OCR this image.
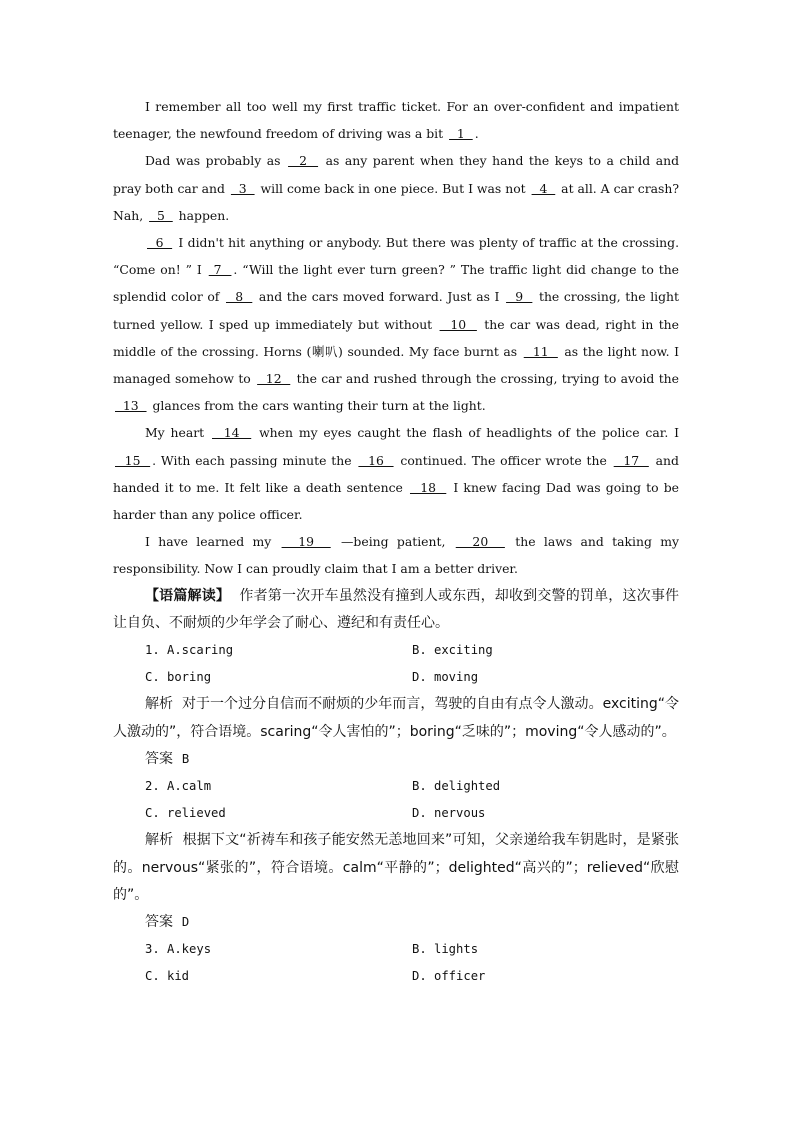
I remember all too well my first traffic ticket. For an over-confident and impatient teenager, the newfound freedom of driving was a bit   1  .

Dad was probably as   2   as any parent when they hand the keys to a child and pray both car and   3   will come back in one piece. But I was not   4   at all. A car crash? Nah,   5   happen.

6   I didn't hit anything or anybody. But there was plenty of traffic at the crossing. “Come on! ” I  7  . “Will the light ever turn green? ” The traffic light did change to the splendid color of   8   and the cars moved forward. Just as I   9   the crossing, the light turned yellow. I sped up immediately but without   10   the car was dead, right in the middle of the crossing. Horns (喇叭) sounded. My face burnt as   11   as the light now. I managed somehow to   12   the car and rushed through the crossing, trying to avoid the   13   glances from the cars wanting their turn at the light.

My heart   14   when my eyes caught the flash of headlights of the police car. I   15  . With each passing minute the   16   continued. The officer wrote the   17   and handed it to me. It felt like a death sentence   18   I knew facing Dad was going to be harder than any police officer.

I have learned my   19   —being patient,   20   the laws and taking my responsibility. Now I can proudly claim that I am a better driver.

【语篇解读】 作者第一次开车虽然没有撞到人或东西，却收到交警的罚单，这次事件让自负、不耐烦的少年学会了耐心、遵纪和有责任心。

1. A.scaring	B. exciting
C. boring	D. moving

解析 对于一个过分自信而不耐烦的少年而言，驾驶的自由有点令人激动。exciting“令人激动的”，符合语境。scaring“令人害怕的”；boring“乏味的”；moving“令人感动的”。

答案 B

2. A.calm	B. delighted
C. relieved	D. nervous

解析 根据下文“祈祷车和孩子能安然无恙地回来”可知，父亲递给我车钥匙时，是紧张的。nervous“紧张的”，符合语境。calm“平静的”；delighted“高兴的”；relieved“欣慰的”。

答案 D

3. A.keys	B. lights
C. kid	D. officer
